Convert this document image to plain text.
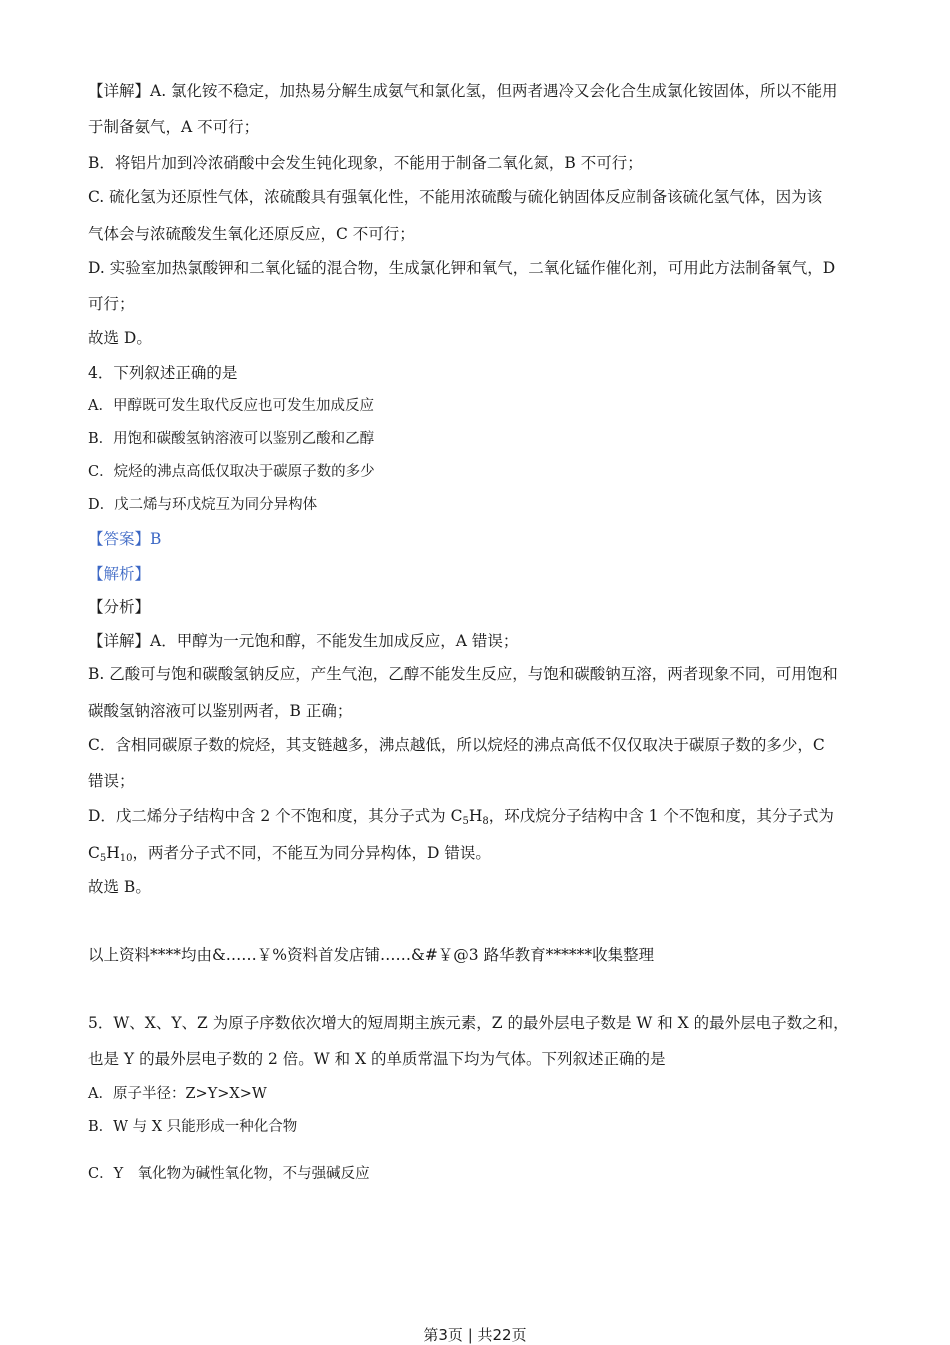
【详解】A. 氯化铵不稳定，加热易分解生成氨气和氯化氢，但两者遇冷又会化合生成氯化铵固体，所以不能用
于制备氨气，A 不可行；
B．将铝片加到冷浓硝酸中会发生钝化现象，不能用于制备二氧化氮，B 不可行；
C. 硫化氢为还原性气体，浓硫酸具有强氧化性，不能用浓硫酸与硫化钠固体反应制备该硫化氢气体，因为该
气体会与浓硫酸发生氧化还原反应，C 不可行；
D. 实验室加热氯酸钾和二氧化锰的混合物，生成氯化钾和氧气，二氧化锰作催化剂，可用此方法制备氧气，D
可行；
故选 D。
4．下列叙述正确的是
A．甲醇既可发生取代反应也可发生加成反应
B．用饱和碳酸氢钠溶液可以鉴别乙酸和乙醇
C．烷烃的沸点高低仅取决于碳原子数的多少
D．戊二烯与环戊烷互为同分异构体
【答案】B
【解析】
【分析】
【详解】A．甲醇为一元饱和醇，不能发生加成反应，A 错误；
B. 乙酸可与饱和碳酸氢钠反应，产生气泡，乙醇不能发生反应，与饱和碳酸钠互溶，两者现象不同，可用饱和
碳酸氢钠溶液可以鉴别两者，B 正确；
C．含相同碳原子数的烷烃，其支链越多，沸点越低，所以烷烃的沸点高低不仅仅取决于碳原子数的多少，C
错误；
D．戊二烯分子结构中含 2 个不饱和度，其分子式为 $C_5H_8$，环戊烷分子结构中含 1 个不饱和度，其分子式为
$C_5H_{10}$，两者分子式不同，不能互为同分异构体，D 错误。
故选 B。
以上资料****均由&……￥%资料首发店铺……&#￥@3 路华教育******收集整理
5．W、X、Y、Z 为原子序数依次增大的短周期主族元素，Z 的最外层电子数是 W 和 X 的最外层电子数之和，
也是 Y 的最外层电子数的 2 倍。W 和 X 的单质常温下均为气体。下列叙述正确的是
A．原子半径：Z>Y>X>W
B．W 与 X 只能形成一种化合物
C．Y　氧化物为碱性氧化物，不与强碱反应
第3页 | 共22页
